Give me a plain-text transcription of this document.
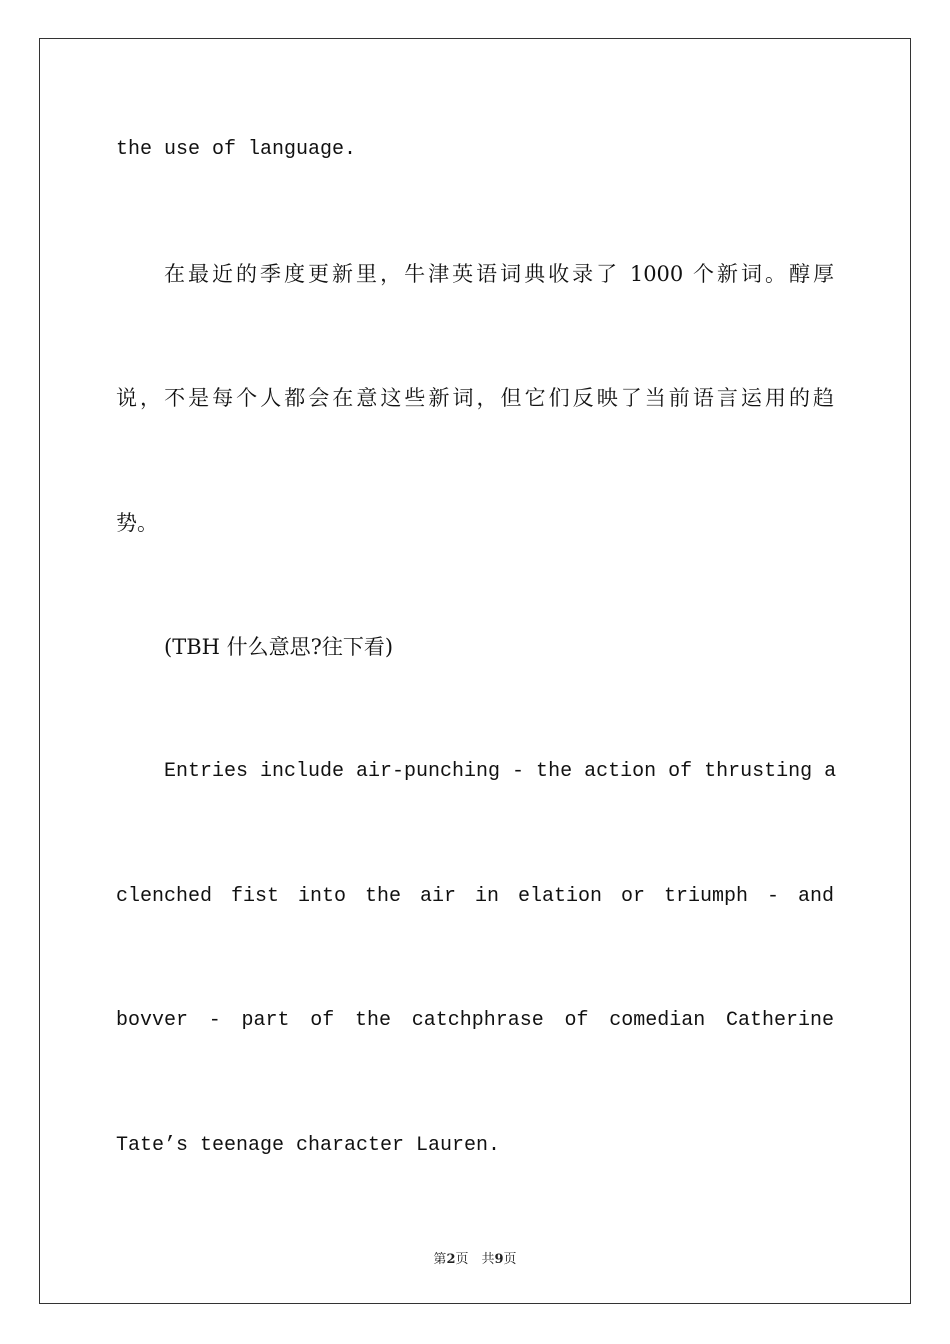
the use of language.
在最近的季度更新里，牛津英语词典收录了 1000 个新词。醇厚
说，不是每个人都会在意这些新词，但它们反映了当前语言运用的趋
势。
(TBH 什么意思?往下看)
Entries include air-punching - the action of thrusting a
clenched fist into the air in elation or triumph - and
bovver - part of the catchphrase of comedian Catherine
Tate’s teenage character Lauren.
第2页　共9页
